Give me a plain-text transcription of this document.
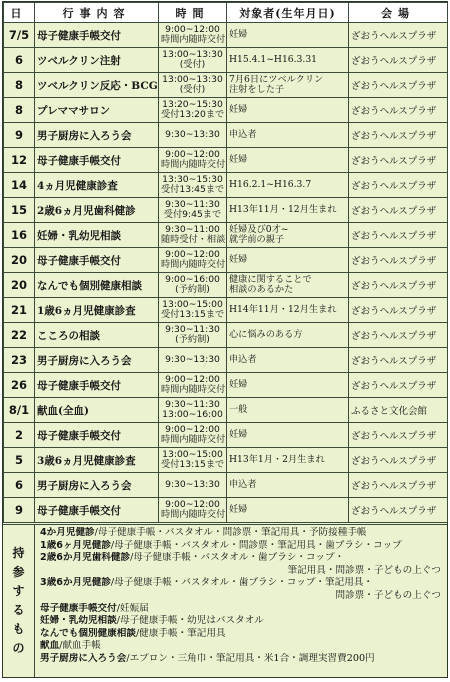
日	行事内容	時間	対象者(生年月日)	会場
7/5	母子健康手帳交付	9:00~12:00
時間内随時交付	妊婦	ざおうヘルスプラザ
6	ツベルクリン注射	13:00~13:30
(受付)	H15.4.1~H16.3.31	ざおうヘルスプラザ
8	ツベルクリン反応・BCG	13:00~13:30
(受付)	7月6日にツベルクリン
注射をした子	ざおうヘルスプラザ
8	プレママサロン	13:20~15:30
受付13:20まで	妊婦	ざおうヘルスプラザ
9	男子厨房に入ろう会	9:30~13:30	申込者	ざおうヘルスプラザ
12	母子健康手帳交付	9:00~12:00
時間内随時交付	妊婦	ざおうヘルスプラザ
14	4ヵ月児健康診査	13:30~15:30
受付13:45まで	H16.2.1~H16.3.7	ざおうヘルスプラザ
15	2歳6ヵ月児歯科健診	9:30~11:30
受付9:45まで	H13年11月・12月生まれ	ざおうヘルスプラザ
16	妊婦・乳幼児相談	9:30~11:00
随時受付・相談	妊婦及び0才~
就学前の親子	ざおうヘルスプラザ
20	母子健康手帳交付	9:00~12:00
時間内随時交付	妊婦	ざおうヘルスプラザ
20	なんでも個別健康相談	9:00~16:00
(予約制)	健康に関することで
相談のあるかた	ざおうヘルスプラザ
21	1歳6ヵ月児健康診査	13:00~15:00
受付13:15まで	H14年11月・12月生まれ	ざおうヘルスプラザ
22	こころの相談	9:30~11:30
(予約制)	心に悩みのある方	ざおうヘルスプラザ
23	男子厨房に入ろう会	9:30~13:30	申込者	ざおうヘルスプラザ
26	母子健康手帳交付	9:00~12:00
時間内随時交付	妊婦	ざおうヘルスプラザ
8/1	献血(全血)	9:30~11:30
13:00~16:00	一般	ふるさと文化会館
2	母子健康手帳交付	9:00~12:00
時間内随時交付	妊婦	ざおうヘルスプラザ
5	3歳6ヵ月児健康診査	13:00~15:00
受付13:15まで	H13年1月・2月生まれ	ざおうヘルスプラザ
6	男子厨房に入ろう会	9:30~13:30	申込者	ざおうヘルスプラザ
9	母子健康手帳交付	9:00~12:00
時間内随時交付	妊婦	ざおうヘルスプラザ
持
参
す
る
も
の
4か月児健診/母子健康手帳・バスタオル・問診票・筆記用具・予防接種手帳
1歳6ヶ月児健診/母子健康手帳・バスタオル・問診票・筆記用具・歯ブラシ・コップ
2歳6か月児歯科健診/母子健康手帳・バスタオル・歯ブラシ・コップ・
筆記用具・問診票・子どもの上ぐつ
3歳6か月児健診/母子健康手帳・バスタオル・歯ブラシ・コップ・筆記用具・
問診票・子どもの上ぐつ
母子健康手帳交付/妊娠届
妊婦・乳幼児相談/母子健康手帳・幼児はバスタオル
なんでも個別健康相談/健康手帳・筆記用具
献血/献血手帳
男子厨房に入ろう会/エプロン・三角巾・筆記用具・米1合・調理実習費200円
